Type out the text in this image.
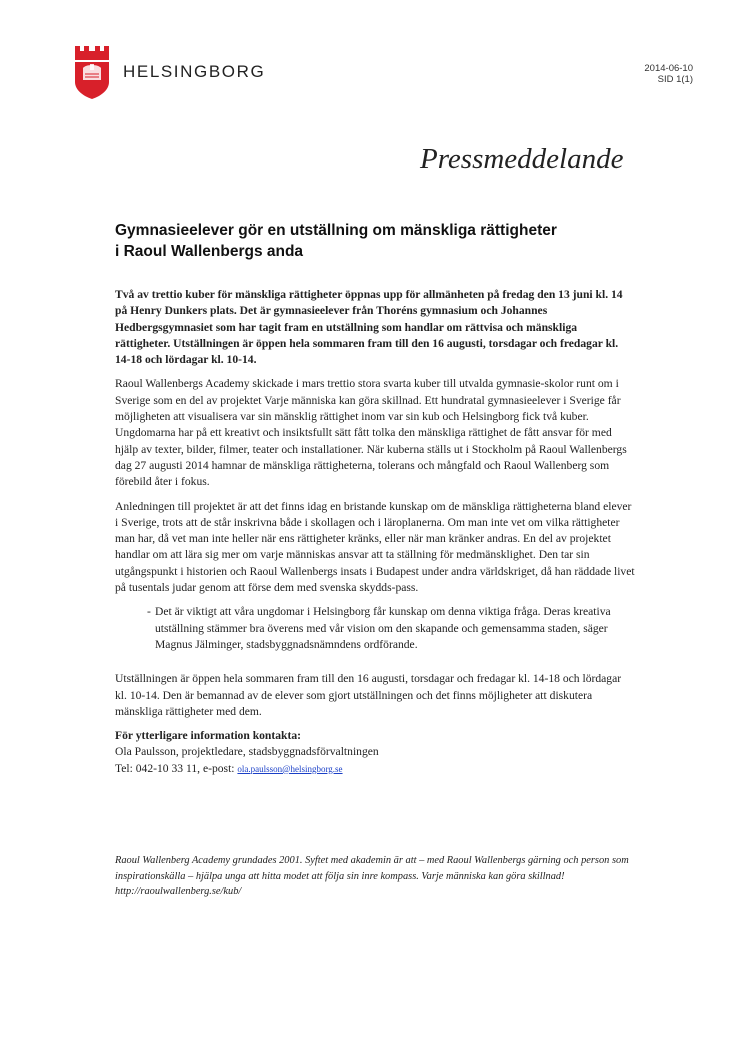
HELSINGBORG	2014-06-10
SID 1(1)
Pressmeddelande
Gymnasieelever gör en utställning om mänskliga rättigheter
i Raoul Wallenbergs anda

Två av trettio kuber för mänskliga rättigheter öppnas upp för allmänheten på fredag den 13 juni kl. 14 på Henry Dunkers plats. Det är gymnasieelever från Thoréns gymnasium och Johannes Hedbergsgymnasiet som har tagit fram en utställning som handlar om rättvisa och mänskliga rättigheter. Utställningen är öppen hela sommaren fram till den 16 augusti, torsdagar och fredagar kl. 14-18 och lördagar kl. 10-14.

Raoul Wallenbergs Academy skickade i mars trettio stora svarta kuber till utvalda gymnasie-skolor runt om i Sverige som en del av projektet Varje människa kan göra skillnad. Ett hundratal gymnasieelever i Sverige får möjligheten att visualisera var sin mänsklig rättighet inom var sin kub och Helsingborg fick två kuber. Ungdomarna har på ett kreativt och insiktsfullt sätt fått tolka den mänskliga rättighet de fått ansvar för med hjälp av texter, bilder, filmer, teater och installationer. När kuberna ställs ut i Stockholm på Raoul Wallenbergs dag 27 augusti 2014 hamnar de mänskliga rättigheterna, tolerans och mångfald och Raoul Wallenberg som förebild åter i fokus.

Anledningen till projektet är att det finns idag en bristande kunskap om de mänskliga rättigheterna bland elever i Sverige, trots att de står inskrivna både i skollagen och i läroplanerna. Om man inte vet om vilka rättigheter man har, då vet man inte heller när ens rättigheter kränks, eller när man kränker andras. En del av projektet handlar om att lära sig mer om varje människas ansvar att ta ställning för medmänsklighet. Den tar sin utgångspunkt i historien och Raoul Wallenbergs insats i Budapest under andra världskriget, då han räddade livet på tusentals judar genom att förse dem med svenska skydds-pass.

- Det är viktigt att våra ungdomar i Helsingborg får kunskap om denna viktiga fråga. Deras kreativa utställning stämmer bra överens med vår vision om den skapande och gemensamma staden, säger Magnus Jälminger, stadsbyggnadsnämndens ordförande.

Utställningen är öppen hela sommaren fram till den 16 augusti, torsdagar och fredagar kl. 14-18 och lördagar kl. 10-14. Den är bemannad av de elever som gjort utställningen och det finns möjligheter att diskutera mänskliga rättigheter med dem.

För ytterligare information kontakta:
Ola Paulsson, projektledare, stadsbyggnadsförvaltningen
Tel: 042-10 33 11, e-post: ola.paulsson@helsingborg.se
Raoul Wallenberg Academy grundades 2001. Syftet med akademin är att – med Raoul Wallenbergs gärning och person som inspirationskälla – hjälpa unga att hitta modet att följa sin inre kompass. Varje människa kan göra skillnad! http://raoulwallenberg.se/kub/
